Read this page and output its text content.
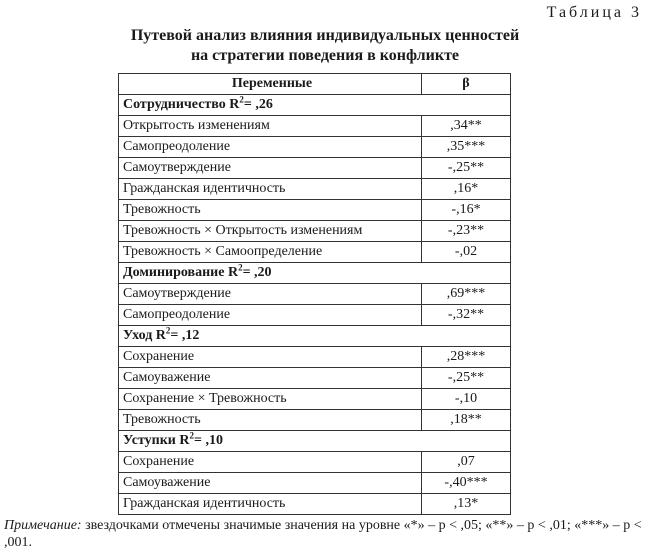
Таблица 3
Путевой анализ влияния индивидуальных ценностей
на стратегии поведения в конфликте
Переменные	β
Сотрудничество $R^2= ,26$	
Открытость изменениям	,34**
Самопреодоление	,35***
Самоутверждение	-,25**
Гражданская идентичность	,16*
Тревожность	-,16*
Тревожность × Открытость изменениям	-,23**
Тревожность × Самоопределение	-,02
Доминирование $R^2= ,20$	
Самоутверждение	,69***
Самопреодоление	-,32**
Уход $R^2= ,12$	
Сохранение	,28***
Самоуважение	-,25**
Сохранение × Тревожность	-,10
Тревожность	,18**
Уступки $R^2= ,10$	
Сохранение	,07
Самоуважение	-,40***
Гражданская идентичность	,13*
Примечание: звездочками отмечены значимые значения на уровне «*» – p < ,05; «**» – p < ,01; «***» – p < ,001.
